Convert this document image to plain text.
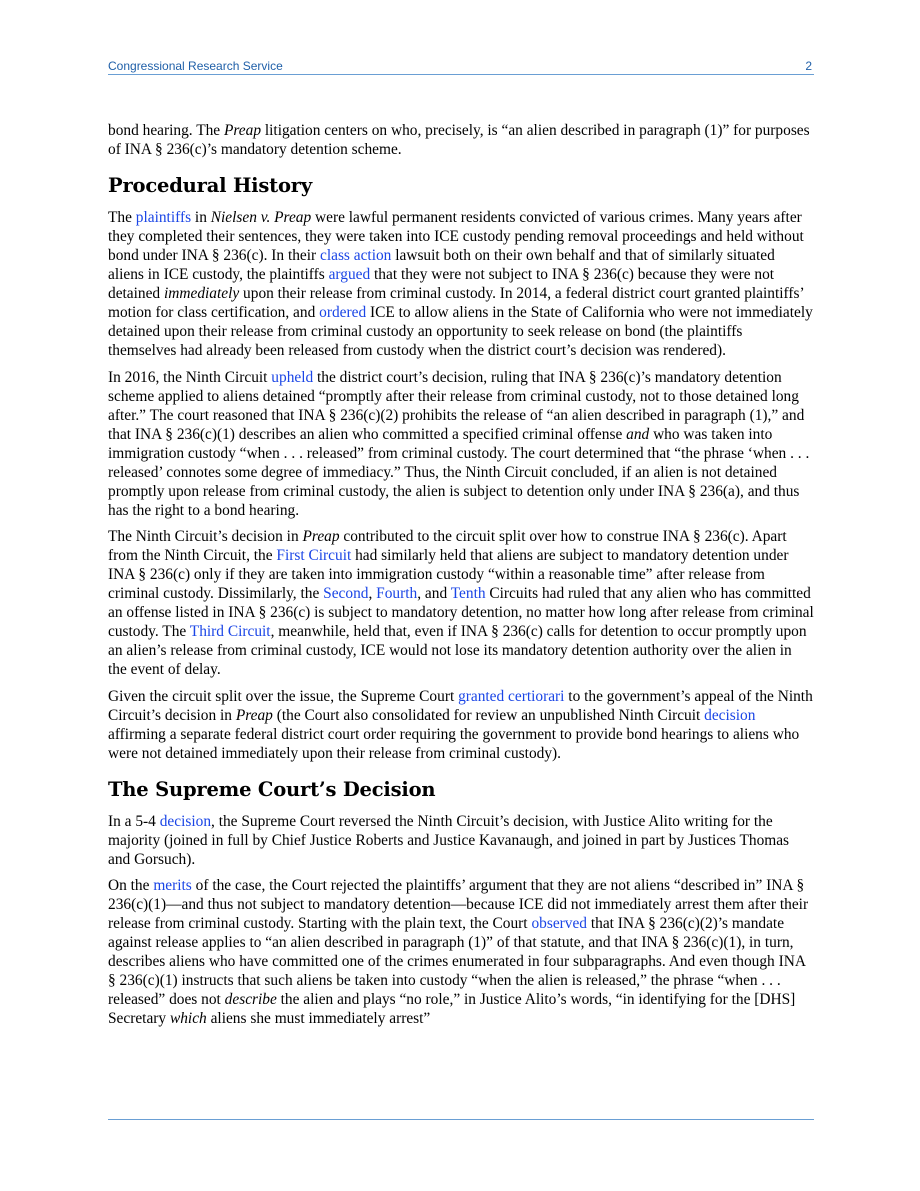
Congressional Research Service	2

bond hearing. The Preap litigation centers on who, precisely, is “an alien described in paragraph (1)” for purposes of INA § 236(c)’s mandatory detention scheme.

Procedural History

The plaintiffs in Nielsen v. Preap were lawful permanent residents convicted of various crimes. Many years after they completed their sentences, they were taken into ICE custody pending removal proceedings and held without bond under INA § 236(c). In their class action lawsuit both on their own behalf and that of similarly situated aliens in ICE custody, the plaintiffs argued that they were not subject to INA § 236(c) because they were not detained immediately upon their release from criminal custody. In 2014, a federal district court granted plaintiffs’ motion for class certification, and ordered ICE to allow aliens in the State of California who were not immediately detained upon their release from criminal custody an opportunity to seek release on bond (the plaintiffs themselves had already been released from custody when the district court’s decision was rendered).

In 2016, the Ninth Circuit upheld the district court’s decision, ruling that INA § 236(c)’s mandatory detention scheme applied to aliens detained “promptly after their release from criminal custody, not to those detained long after.” The court reasoned that INA § 236(c)(2) prohibits the release of “an alien described in paragraph (1),” and that INA § 236(c)(1) describes an alien who committed a specified criminal offense and who was taken into immigration custody “when . . . released” from criminal custody. The court determined that “the phrase ‘when . . . released’ connotes some degree of immediacy.” Thus, the Ninth Circuit concluded, if an alien is not detained promptly upon release from criminal custody, the alien is subject to detention only under INA § 236(a), and thus has the right to a bond hearing.

The Ninth Circuit’s decision in Preap contributed to the circuit split over how to construe INA § 236(c). Apart from the Ninth Circuit, the First Circuit had similarly held that aliens are subject to mandatory detention under INA § 236(c) only if they are taken into immigration custody “within a reasonable time” after release from criminal custody. Dissimilarly, the Second, Fourth, and Tenth Circuits had ruled that any alien who has committed an offense listed in INA § 236(c) is subject to mandatory detention, no matter how long after release from criminal custody. The Third Circuit, meanwhile, held that, even if INA § 236(c) calls for detention to occur promptly upon an alien’s release from criminal custody, ICE would not lose its mandatory detention authority over the alien in the event of delay.

Given the circuit split over the issue, the Supreme Court granted certiorari to the government’s appeal of the Ninth Circuit’s decision in Preap (the Court also consolidated for review an unpublished Ninth Circuit decision affirming a separate federal district court order requiring the government to provide bond hearings to aliens who were not detained immediately upon their release from criminal custody).

The Supreme Court’s Decision

In a 5-4 decision, the Supreme Court reversed the Ninth Circuit’s decision, with Justice Alito writing for the majority (joined in full by Chief Justice Roberts and Justice Kavanaugh, and joined in part by Justices Thomas and Gorsuch).

On the merits of the case, the Court rejected the plaintiffs’ argument that they are not aliens “described in” INA § 236(c)(1)—and thus not subject to mandatory detention—because ICE did not immediately arrest them after their release from criminal custody. Starting with the plain text, the Court observed that INA § 236(c)(2)’s mandate against release applies to “an alien described in paragraph (1)” of that statute, and that INA § 236(c)(1), in turn, describes aliens who have committed one of the crimes enumerated in four subparagraphs. And even though INA § 236(c)(1) instructs that such aliens be taken into custody “when the alien is released,” the phrase “when . . . released” does not describe the alien and plays “no role,” in Justice Alito’s words, “in identifying for the [DHS] Secretary which aliens she must immediately arrest”
